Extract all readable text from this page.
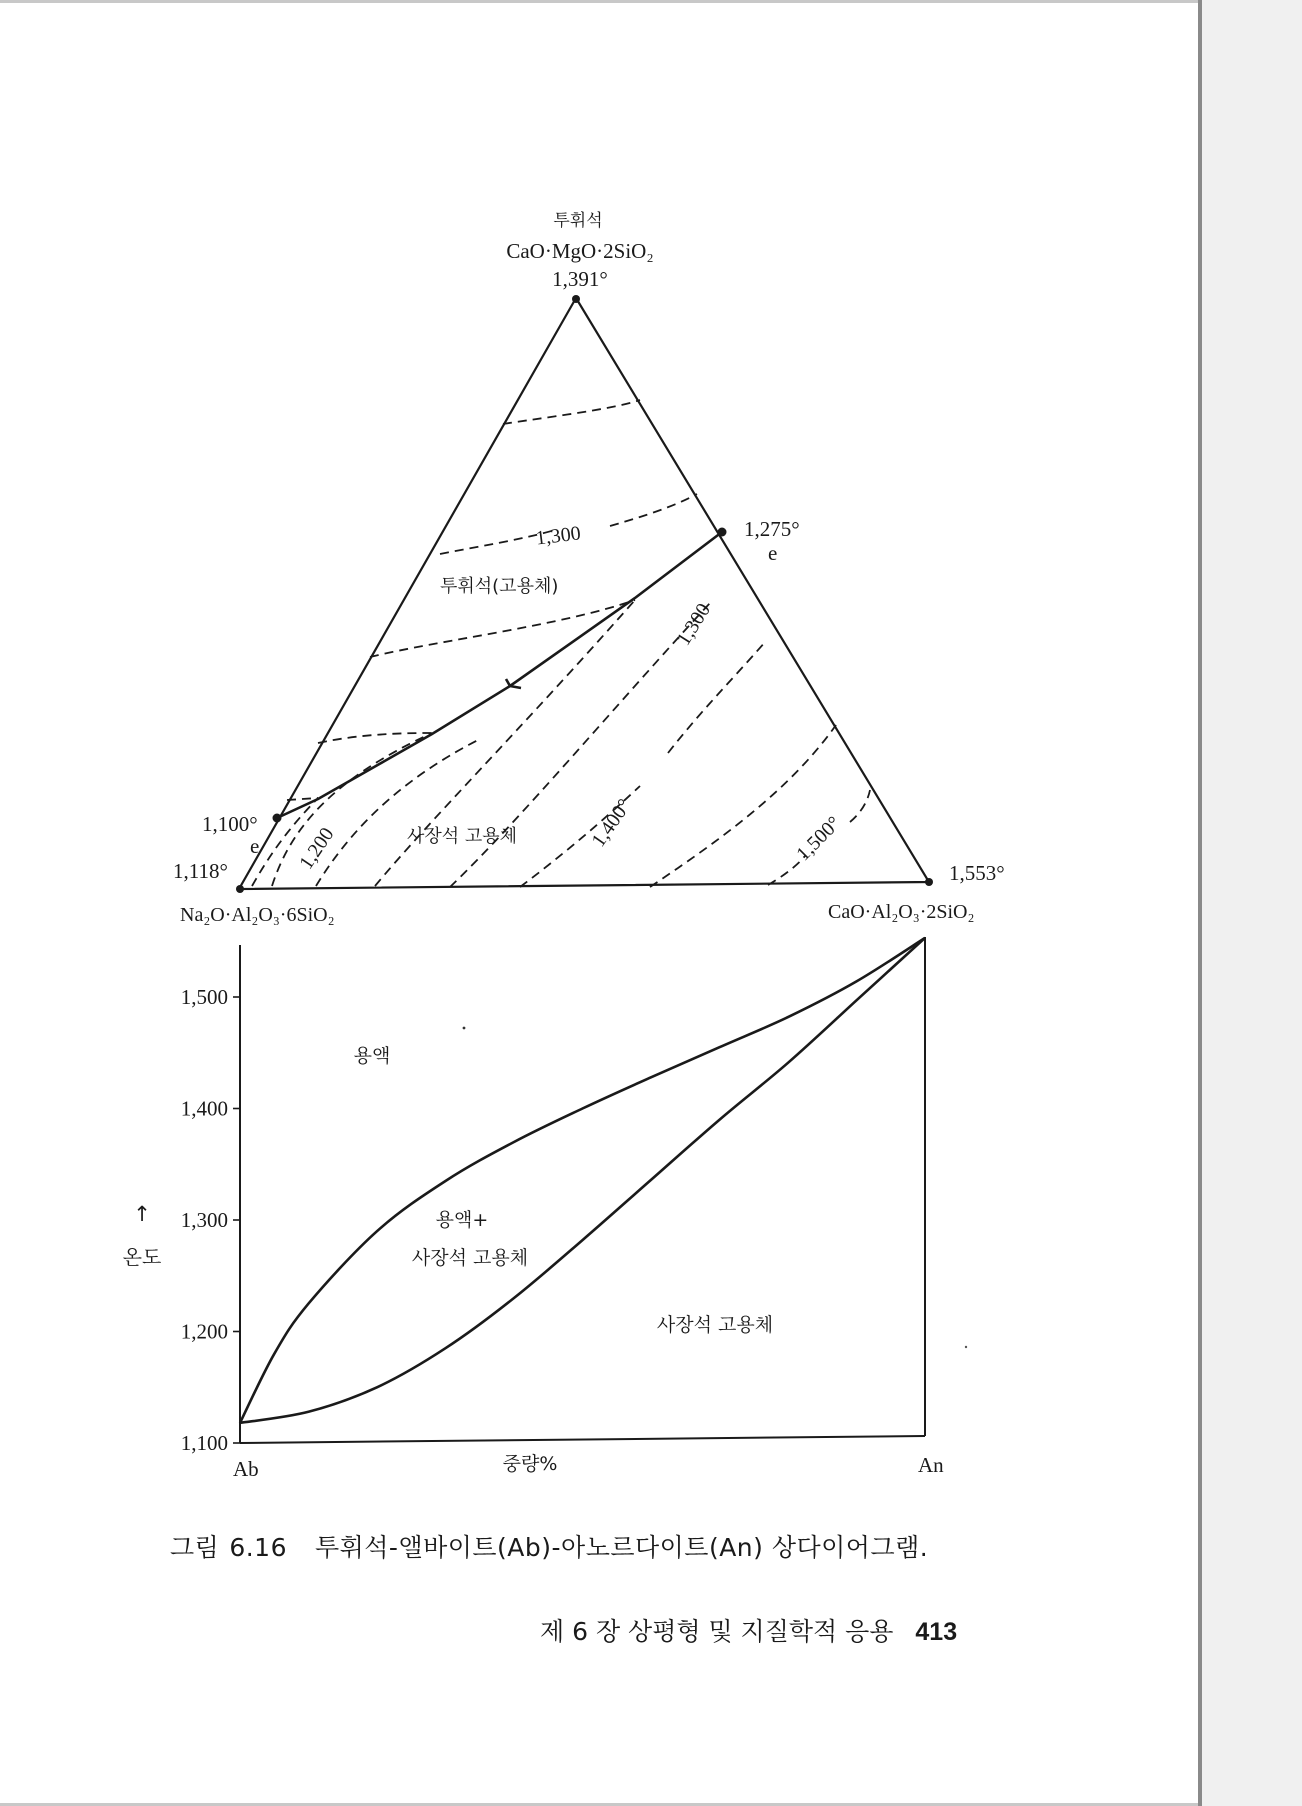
투휘석
CaO·MgO·2SiO₂
1,391°
1,275°
e
1,100°
e
1,118°
Na₂O·Al₂O₃·6SiO₂
1,553°
CaO·Al₂O₃·2SiO₂
1,300
투휘석(고용체)
1,300
1,200	사장석 고용체	1,400°	1,500°
1,100
1,200
1,300
1,400
1,500
Ab	An
중량%
↑
온도
용액
용액+
사장석 고용체
사장석 고용체
그림 6.16 투휘석-앨바이트(Ab)-아노르다이트(An) 상다이어그램.
제 6 장 상평형 및 지질학적 응용 413
